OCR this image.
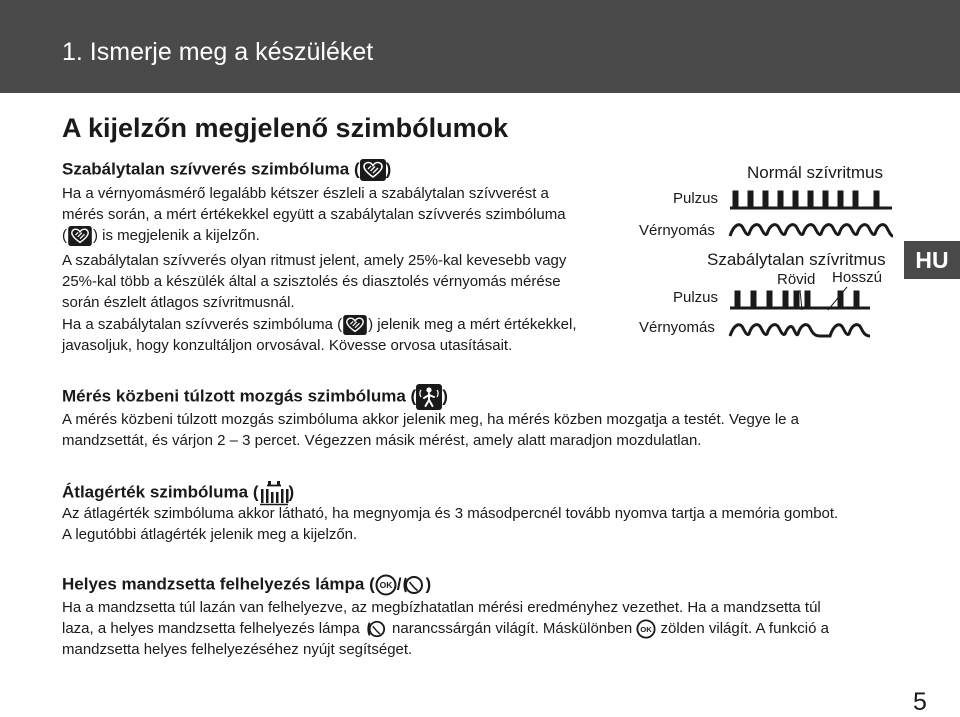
1. Ismerje meg a készüléket
A kijelzőn megjelenő szimbólumok
Szabálytalan szívverés szimbóluma ( )
Ha a vérnyomásmérő legalább kétszer észleli a szabálytalan szívverést a
mérés során, a mért értékekkel együtt a szabálytalan szívverés szimbóluma
( ) is megjelenik a kijelzőn.
A szabálytalan szívverés olyan ritmust jelent, amely 25%-kal kevesebb vagy
25%-kal több a készülék által a szisztolés és diasztolés vérnyomás mérése
során észlelt átlagos szívritmusnál.
Ha a szabálytalan szívverés szimbóluma ( ) jelenik meg a mért értékekkel,
javasoljuk, hogy konzultáljon orvosával. Kövesse orvosa utasításait.
Normál szívritmus
Pulzus
Vérnyomás
Szabálytalan szívritmus
Rövid Hosszú
Pulzus
Vérnyomás
HU
Mérés közbeni túlzott mozgás szimbóluma ( )
A mérés közbeni túlzott mozgás szimbóluma akkor jelenik meg, ha mérés közben mozgatja a testét. Vegye le a
mandzsettát, és várjon 2 – 3 percet. Végezzen másik mérést, amely alatt maradjon mozdulatlan.
Átlagérték szimbóluma ( )
Az átlagérték szimbóluma akkor látható, ha megnyomja és 3 másodpercnél tovább nyomva tartja a memória gombot.
A legutóbbi átlagérték jelenik meg a kijelzőn.
Helyes mandzsetta felhelyezés lámpa ( OK / )
Ha a mandzsetta túl lazán van felhelyezve, az megbízhatatlan mérési eredményhez vezethet. Ha a mandzsetta túl
laza, a helyes mandzsetta felhelyezés lámpa narancssárgán világít. Máskülönben OK zölden világít. A funkció a
mandzsetta helyes felhelyezéséhez nyújt segítséget.
5
